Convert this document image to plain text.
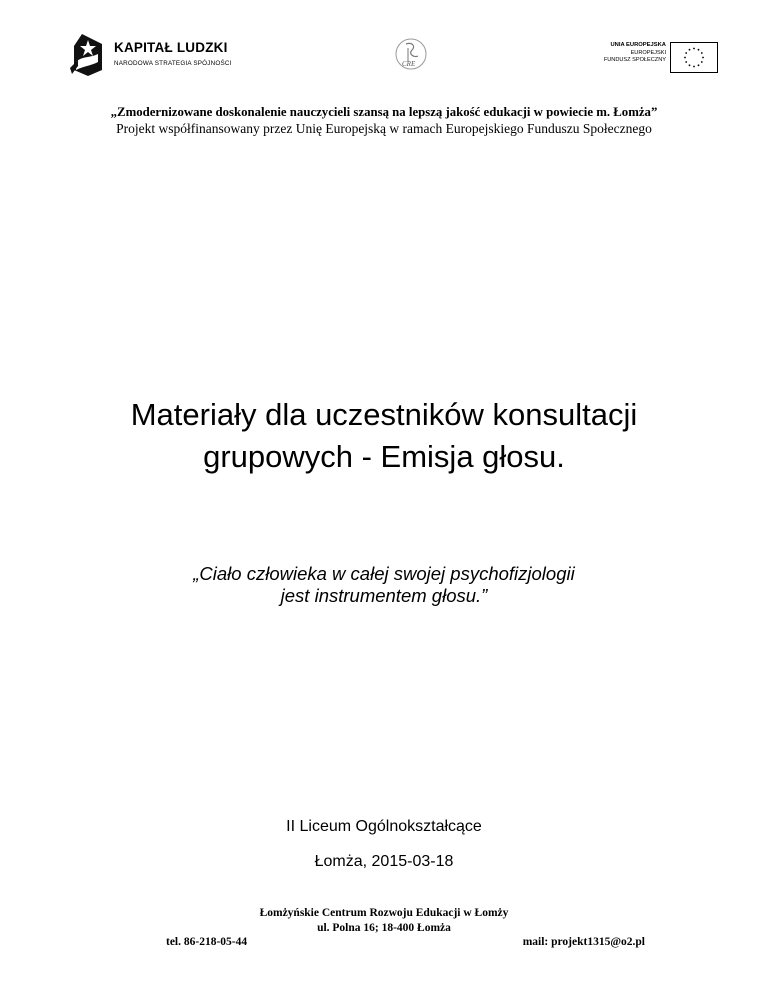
KAPITAŁ LUDZKI
NARODOWA STRATEGIA SPÓJNOŚCI	CRE
UNIA EUROPEJSKA
EUROPEJSKI
FUNDUSZ SPOŁECZNY
„Zmodernizowane doskonalenie nauczycieli szansą na lepszą jakość edukacji w powiecie m. Łomża”
Projekt współfinansowany przez Unię Europejską w ramach Europejskiego Funduszu Społecznego
Materiały dla uczestników konsultacji
grupowych - Emisja głosu.
„Ciało człowieka w całej swojej psychofizjologii
jest instrumentem głosu.”
II Liceum Ogólnokształcące
Łomża, 2015-03-18
Łomżyńskie Centrum Rozwoju Edukacji w Łomży
ul. Polna 16; 18-400 Łomża
tel. 86-218-05-44	mail: projekt1315@o2.pl
